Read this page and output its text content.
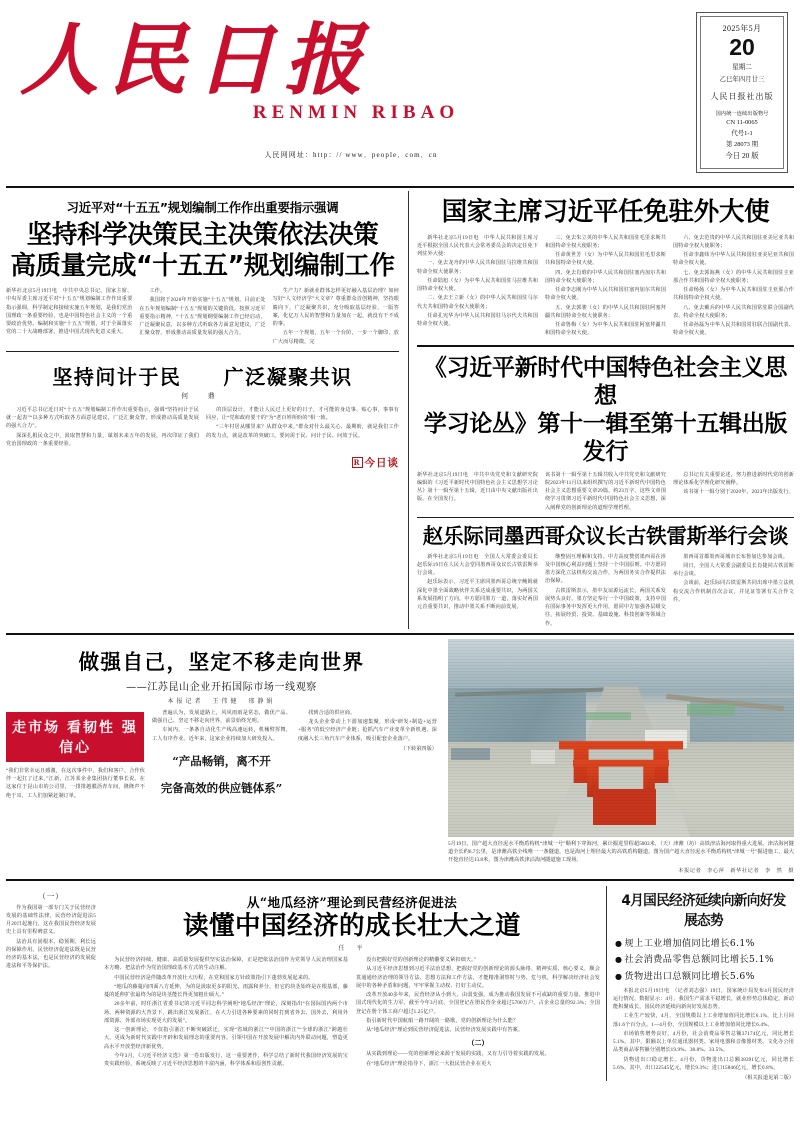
人民日报
RENMIN RIBAO
人民网网址：http：// www．people．com．cn
2025年5月
20
星期二
乙巳年四月廿三
人民日报社出版
国内统一连续出版物号
CN 11-0065
代号1-1
第 28073 期
今日 20 版
习近平对“十五五”规划编制工作作出重要指示强调
坚持科学决策民主决策依法决策
高质量完成“十五五”规划编制工作
新华社北京5月19日电　中共中央总书记、国家主席、中央军委主席习近平对“十五五”规划编制工作作出重要指示强调，科学制定和接续实施五年规划，是我们党治国理政一条重要经验，也是中国特色社会主义的一个重要政治优势。编制和实施“十五五”规划，对于全面落实党的二十大战略部署、推进中国式现代化意义重大。

工作。

我国将于2026年开始实施“十五五”规划，目前正处在五年规划编制“十五五”规划的关键阶段。按照习近平重要指示精神，“十五五”规划纲要编制工作已经启动，广泛凝聚民意，以多种方式听取各方面意见建议，广泛汇聚众智，形成推动高质量发展的强大合力。

生产力？新就业群体怎样更好融入基层治理？如何写好“人文经济学”大文章？尊重群众首创精神，坚持眼睛向下，广泛凝聚共识，充分吸取基层经验，一版答案，化亿万人民的智慧和力量加在一起，就没有干不成的事。

五年一个规划，五年一个台阶，一步一个脚印，放广大而尽精微，完

坚持问计于民 广泛凝聚共识
何 鼎

习近平总书记近日对“十五五”规划编制工作作出重要指示，强调“坚持问计于民就一起表”“以多种方式听取各方面意见建议，广泛汇聚众智，形成推动高质量发展的强大合力”。

深深扎根民众之中，汲取智慧和力量，谋划未来五年的发展，再次印证了我们党治国理政的一条重要经验。

的顶层设计，才能让人民过上更好的日子，才可能的身边事、贴心事，事事有回应，让“党和政府要干的”为“老百姓所盼的”相一致。

“三年村居从哪里来？从群众中来。”群众对什么最关心、最期盼，就是我们工作的发力点，就是改革的突破口。要问需于民、问计于民、问效于民。

R 今日谈
国家主席习近平任免驻外大使

新华社北京5月19日电　中华人民共和国主席习近平根据全国人民代表大会常务委员会的决定任免下列驻外大使：

一、免去龙舟的中华人民共和国驻马拉维共和国特命全权大使职务；

任命陆旭（女）为中华人民共和国驻马拉维共和国特命全权大使。

二、免去王立新（女）的中华人民共和国驻马尔代夫共和国特命全权大使职务；

任命孔宪华为中华人民共和国驻马尔代夫共和国特命全权大使。

三、免去朱立英的中华人民共和国驻毛里求斯共和国特命全权大使职务；

任命黄世芳（女）为中华人民共和国驻毛里求斯共和国特命全权大使。

四、免去肖晗的中华人民共和国驻塞内加尔共和国特命全权大使职务；

任命李志刚为中华人民共和国驻塞内加尔共和国特命全权大使。

五、免去郭骏（女）的中华人民共和国驻阿塞拜疆共和国特命全权大使职务；

任命鲁梅（女）为中华人民共和国驻阿塞拜疆共和国特命全权大使。

六、免去范贵的中华人民共和国驻亚美尼亚共和国特命全权大使职务；

任命李鑫炜为中华人民共和国驻亚美尼亚共和国特命全权大使。

七、免去郭海燕（女）的中华人民共和国驻圭亚那合作共和国特命全权大使职务；

任命杨扬（女）为中华人民共和国驻圭亚那合作共和国特命全权大使。

八、免去戴兵的中华人民共和国常驻联合国副代表、特命全权大使职务；

任命孙磊为中华人民共和国常驻联合国副代表、特命全权大使。

《习近平新时代中国特色社会主义思想
学习论丛》第十一辑至第十五辑出版发行
新华社北京5月19日电　中共中央党史和文献研究院编辑的《习近平新时代中国特色社会主义思想学习论丛》第十一辑至第十五辑，近日由中央文献出版社出版，在全国发行。
该书第十一辑至第十五辑共收入中共党史和文献研究院2023年11月以来组织撰写的习近平新时代中国特色社会主义思想重要文章29篇，约23万字。这些文章围绕学习贯彻习近平新时代中国特色社会主义思想，深入阐释党的创新理论的道理学理哲理。

总书记有关重要论述，努力推进新时代党的创新理论体系化学理化研究阐释。

该书第十一辑分别于2020年、2023年出版发行。

赵乐际同墨西哥众议长古铁雷斯举行会谈

新华社北京5月19日电　全国人大常委会委员长赵乐际19日在人民大会堂同墨西哥众议长古铁雷斯举行会谈。

赵乐际表示，习近平主席同墨西哥总统辛鲍姆就深化中墨全面战略伙伴关系达成重要共识，为两国关系发展指明了方向。中方愿同墨方一道，落实好两国元首重要共识，推动中墨关系不断向前发展。

继整固互理解和支持。中方高度赞赏墨西哥在涉及中国核心利益问题上坚持一个中国原则。中方愿同墨方深化立法机构交流合作，为两国务实合作提供法治保障。

古铁雷斯表示，墨中友谊源远流长，两国关系发展势头良好。墨方坚定奉行一个中国政策，支持中国在国际事务中发挥更大作用，愿同中方加强各层级交往，拓展经贸、投资、基础设施、科技创新等领域合作。

墨西哥首都墨西哥城市长布鲁加达参加会谈。

同日，全国人大常委会副委员长肖捷同古铁雷斯举行会谈。

会谈前，赵乐际同古铁雷斯共同出席中墨立法机构交流合作机制首次会议，并见证签署有关合作文件。

做强自己，坚定不移走向世界
——江苏昆山企业开拓国际市场一线观察
本报记者　王伟健　邢静娟
走市场 看韧性 强信心
“我们非常幸运且感激，在这次事件中，我们和客户、合作伙伴一起扛了过来。”江新，江苏某企业集团执行董事长说。在这家位于昆山市的公司里，一排排越膜沥青车间，隆隆声不绝于耳，工人们加紧赶制订单。

普遍认为，发展道路上，风风雨雨是常态，做优产品、做强自己、坚定不移走向世界，前景始终光明。

车间内，一条条自动化生产线高速运转，机械臂挥舞，工人有序作业。近年来，这家企业持续加大研发投入。

“产品畅销，离不开

完备高效的供应链体系”

找到合适的供应商。

龙头企业带动上下游加速集聚，形成“研发+制造+运营+服务”的低空经济产业链；抢抓汽车产业变革全新机遇，深度融入长三角汽车产业体系，吸引配套企业落户。

（下转第四版）
5月19日，国产超大直径泥水平衡盾构机“津城一号”顺利下穿海河，累计掘进里程超5003米，（天）津潍（坊）高铁津沽海河取得重大进展。津沽海河隧道全长约6.7公里，是津潍高铁全线唯一一条隧道，也是海河上埋径最大的高铁盾构隧道。图为国产超大直径泥水平衡盾构机“津城一号”掘进施工，最大开挖直径达13.8米，图为津潍高铁津沽海河隧道施工现场。
本报记者　李心萍　新华社记者　李　然　摄
（一）

作为我国第一部专门关于民营经济发展的基础性法律，民营经济促进法5月20日起施行，这在我国民营经济发展史上具有里程碑意义。

法治具有固根本、稳预期、利长远的保障作用。民营经济促进法既是民营经济的基本法，也是民营经济的发展促进法和平等保护法。

从“地瓜经济”理论到民营经济促进法
读懂中国经济的成长壮大之道
任　平

为民营经济持续、健康、高质量发展提供坚实法治保障，正是把依法治国作为党领导人民治理国家基本方略、把法治作为党治国理政基本方式的生动注解。

中国民营经济是伴随改革开放壮大历程，在党和国家方针政策指引下蓬勃发展起来的。

“地瓜的藤蔓向四面八方延伸，为的是汲取更多的阳光、雨露和养分，但它的块茎始终是在根基部，藤蔓的延伸扩张最终为的是块茎能长得更加粗壮硕大。”

20多年前，时任浙江省委书记的习近平同志科学阐明“地瓜经济”理论，深刻指出“在国际国内两个市场、两种资源的大背景下，跳出浙江发展浙江，在大力引进各种要素的同时打到省外去、国外去，利用外部资源、外部市场实现更大的发展”。

这一创新理论，不仅指引浙江不断突破跃迁，实现“省域的浙江”“中国的浙江”“全球的浙江”跨越壮大，更成为新时代实践中开辟和发展理念的重要内容。引领中国在开放发展中解决内外联动问题，塑造更高水平开放型经济新优势。

今年3月，《习近平经济文选》第一卷出版发行，这一重要著作，科学总结了新时代我国经济发展的宝贵实践经验，系统反映了习近平经济思想的丰富内涵，科学体系和原创性贡献。

没有把握好党的创新理论的精髓要义紧扣细天。”

从习近平经济思想到习近平法治思想，把握好党的创新理论的源头脉络、精神实质、核心要义，顺会贯通通经济治理的领导方法、思想方法和工作方法，才能精准洞察时与势、危与机，科学解决经济社会发展中的各种矛盾和问题，牢牢掌握主动权、打好主动仗。

改革开放40多年来，民营经济从小到大、由弱变强，成为推动我国发展不可或缺的重要力量、推进中国式现代化的生力军。截至今年3月底，全国登记在册民营企业超过5700万户，占企业总量的92.3%；全国登记在册个体工商户超过1.25亿户。

指引新时代中国航船一路开阔的一路歌，党的创新理论为什么能？

从“地瓜经济”理论到民营经济促进法，民营经济发展实践中有答案。

（二）

从实践到理论——党的创新理论来源于发展的实践，又有力引导着实践的发展。

在“地瓜经济”理论指导下，浙江一大批民营企业在更大

4月国民经济延续向新向好发展态势
● 规上工业增加值同比增长6.1%
● 社会消费品零售总额同比增长5.1%
● 货物进出口总额同比增长5.6%

本报北京5月19日电　（记者刘志强）19日，国家统计局发布4月国民经济运行情况。数据显示：4月，我国生产需求平稳增长，就业形势总体稳定，新动能积聚成长，国民经济延续向新向好发展态势。

工业生产较快，4月，全国规模以上工业增加值同比增长6.1%，比上月回落1.6个百分点。1—4月份，全国规模以上工业增加值同比增长6.4%。

市场销售增势良好，4月份，社会消费品零售总额37174亿元，同比增长5.1%。其中，限额以上单位通讯器材类、家用电器和音像器材类、文化办公用品类商品零售额分别增长19.9%、38.8%、33.5%。

货物进出口稳定增长。4月份，货物进出口总额38391亿元，同比增长5.6%。其中，出口22545亿元，增长9.3%；进口15846亿元，增长0.8%。

（相关报道见第二版）
